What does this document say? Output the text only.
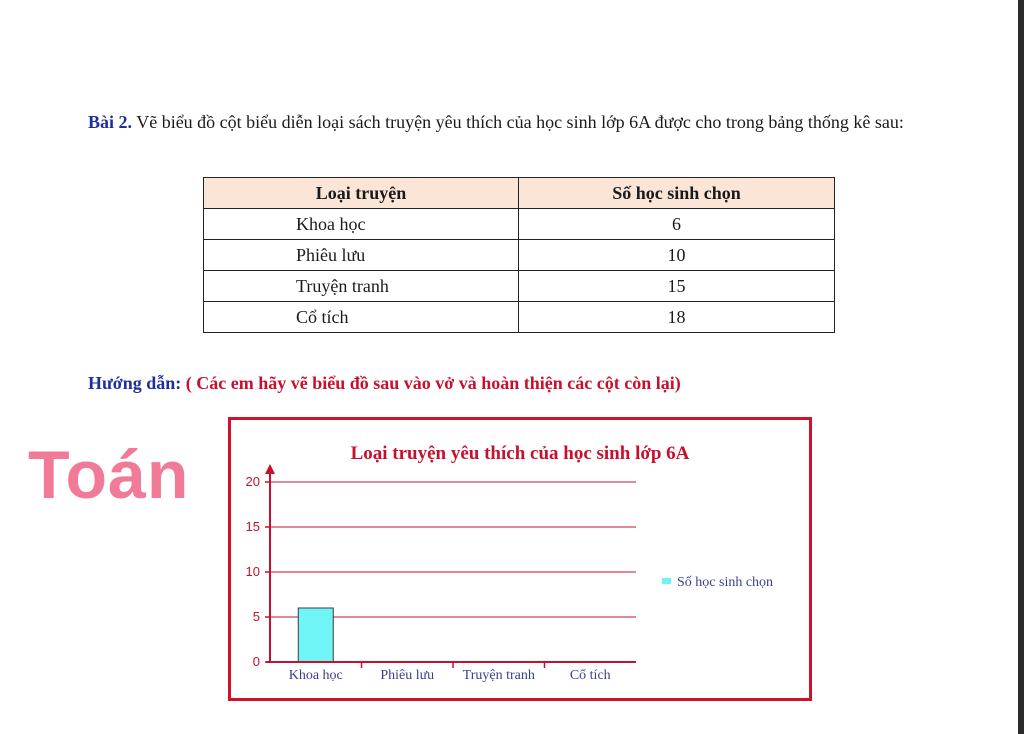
Bài 2. Vẽ biểu đồ cột biểu diễn loại sách truyện yêu thích của học sinh lớp 6A được cho trong bảng thống kê sau:
Loại truyện	Số học sinh chọn
Khoa học	6
Phiêu lưu	10
Truyện tranh	15
Cổ tích	18
Hướng dẫn: ( Các em hãy vẽ biểu đồ sau vào vở và hoàn thiện các cột còn lại)
Toán	Loại truyện yêu thích của học sinh lớp 6A
0
5
10
15
20
Khoa học	Phiêu lưu Truyện tranh Cổ tích
Số học sinh chọn
